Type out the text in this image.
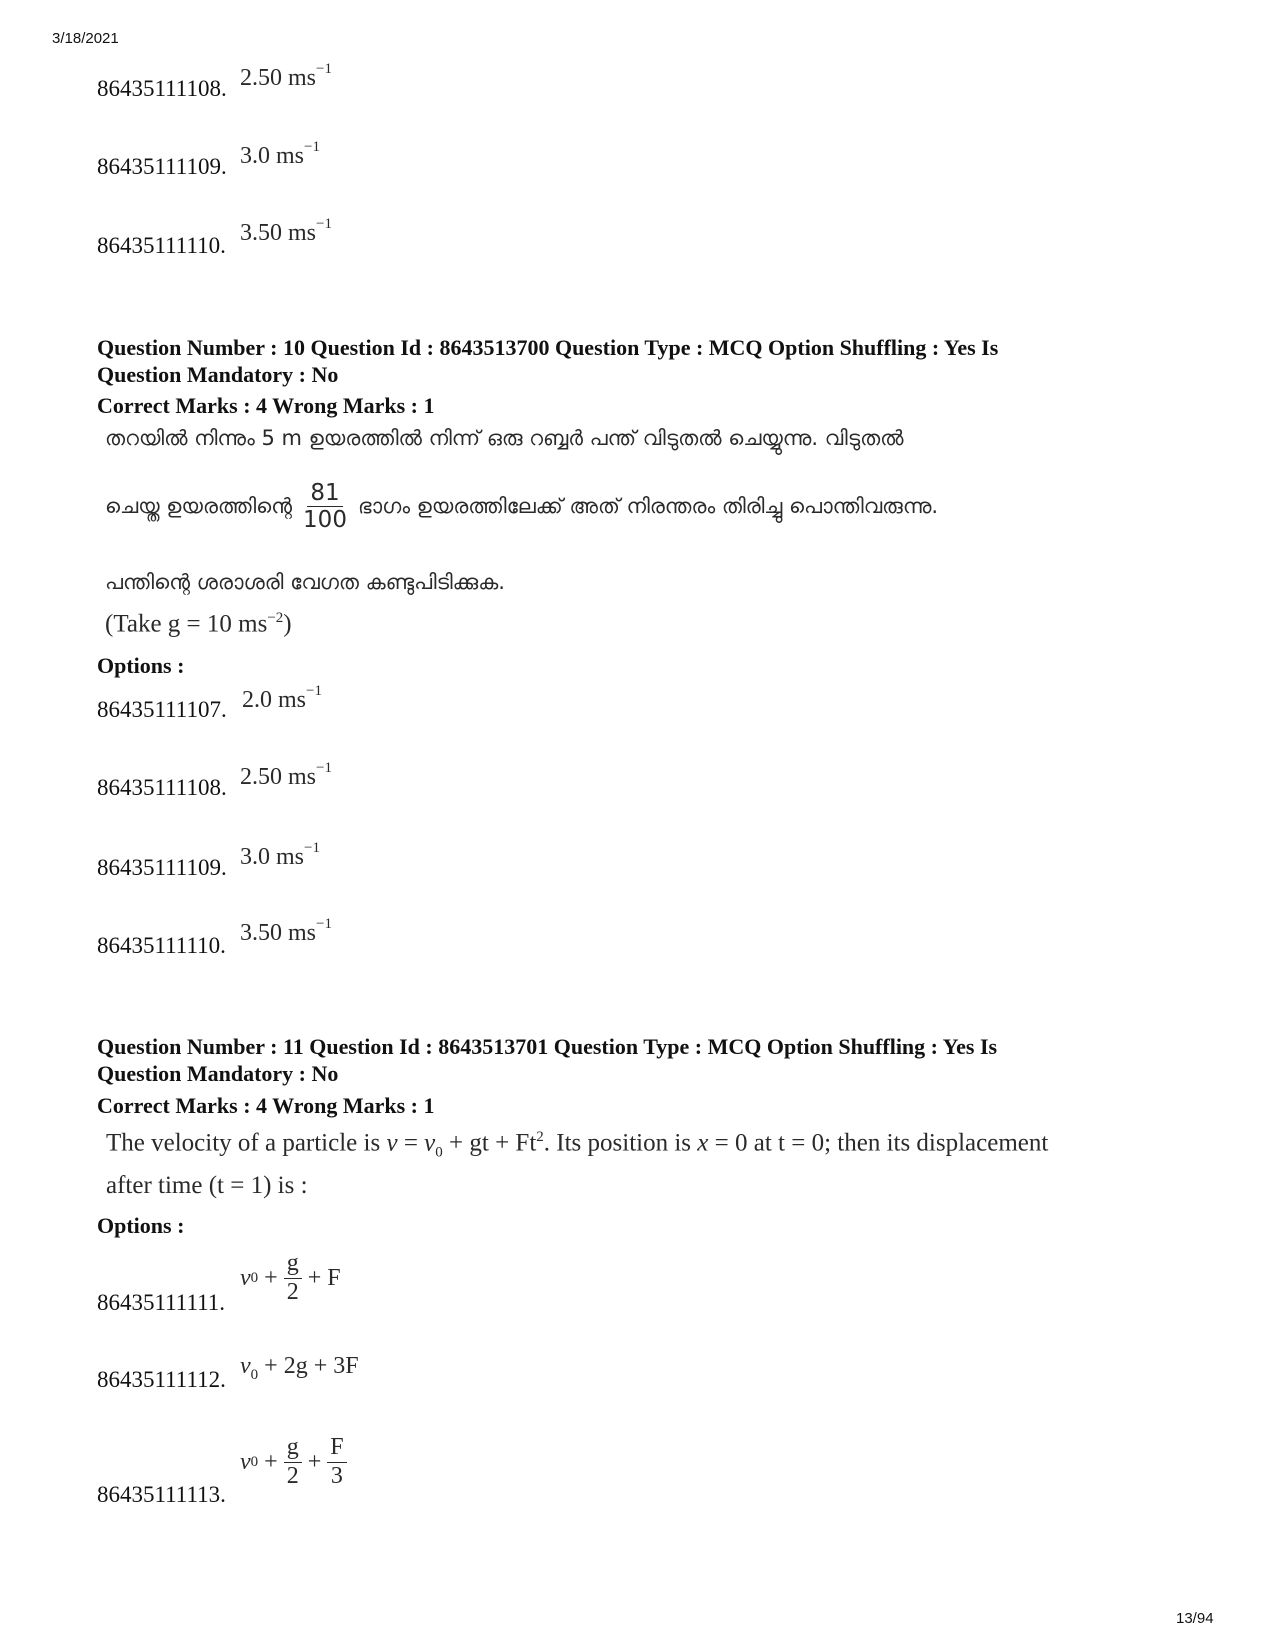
3/18/2021
86435111108. 2.50 $ms^{-1}$
86435111109. 3.0 $ms^{-1}$
86435111110. 3.50 $ms^{-1}$
Question Number : 10 Question Id : 8643513700 Question Type : MCQ Option Shuffling : Yes Is
Question Mandatory : No
Correct Marks : 4 Wrong Marks : 1
തറയിൽ നിന്നും 5 m ഉയരത്തിൽ നിന്ന് ഒരു റബ്ബർ പന്ത് വിടുതൽ ചെയ്യുന്നു. വിടുതൽ
ചെയ്ത ഉയരത്തിന്റെ $\frac{81}{100}$ ഭാഗം ഉയരത്തിലേക്ക് അത് നിരന്തരം തിരിച്ചു പൊന്തിവരുന്നു.
പന്തിന്റെ ശരാശരി വേഗത കണ്ടുപിടിക്കുക.
(Take g = 10 $ms^{-2}$)
Options :
86435111107. 2.0 $ms^{-1}$
86435111108. 2.50 $ms^{-1}$
86435111109. 3.0 $ms^{-1}$
86435111110. 3.50 $ms^{-1}$
Question Number : 11 Question Id : 8643513701 Question Type : MCQ Option Shuffling : Yes Is
Question Mandatory : No
Correct Marks : 4 Wrong Marks : 1
The velocity of a particle is $v = v_0$ + gt + $Ft^2$. Its position is x = 0 at t = 0; then its displacement
after time (t = 1) is :
Options :
86435111111.
v $0 + \frac{g}{2} + F$
86435111112.
$v_0 + 2g + 3F$
86435111113.
v $0 + \frac{g}{2} + \frac{F}{3}$
13/94
